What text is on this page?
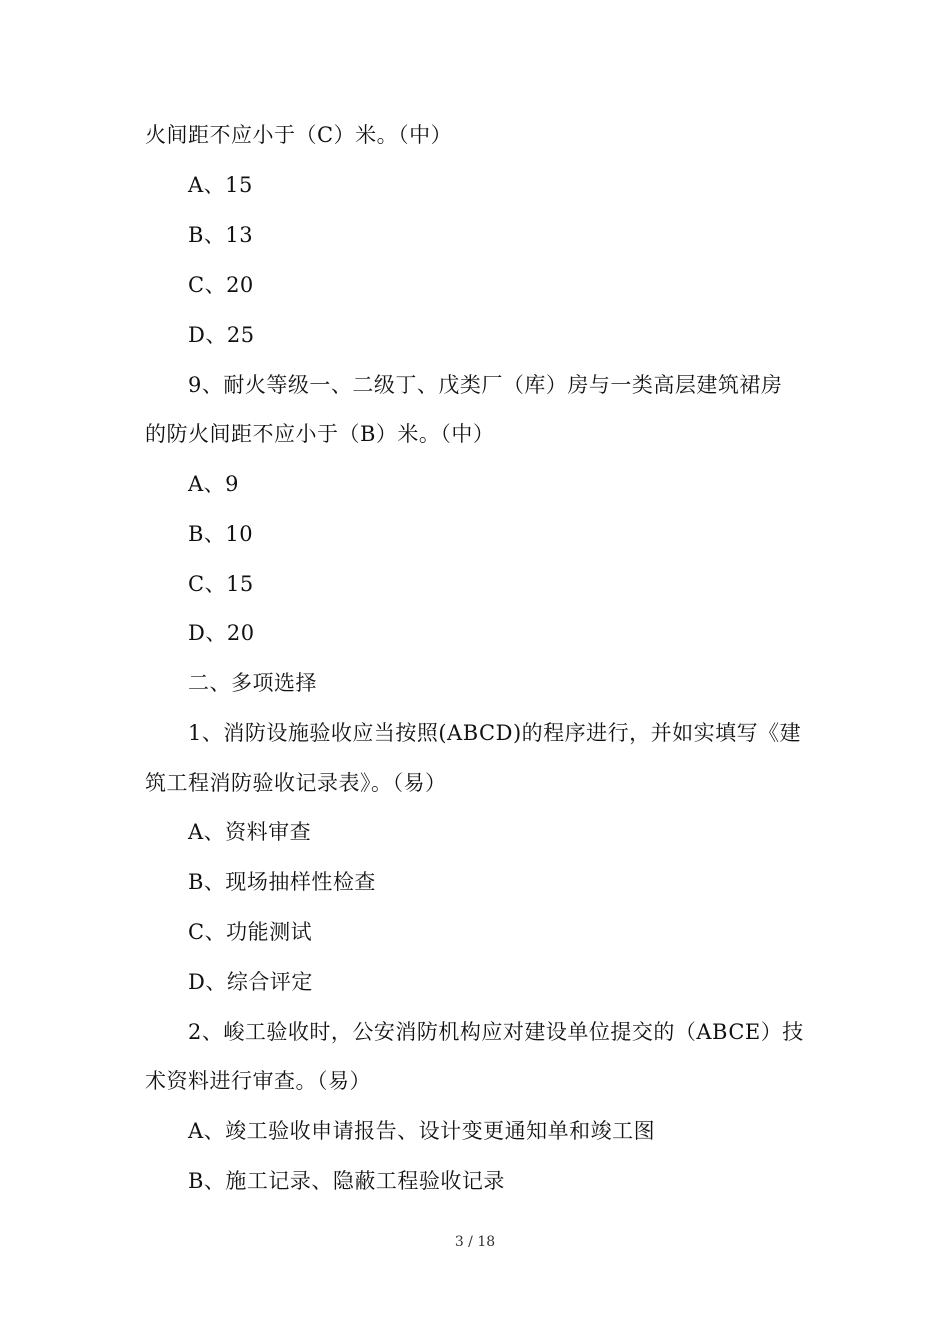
火间距不应小于（C）米。（中）
A、15
B、13
C、20
D、25
9、耐火等级一、二级丁、戊类厂（库）房与一类高层建筑裙房
的防火间距不应小于（B）米。（中）
A、9
B、10
C、15
D、20
二、多项选择
1、消防设施验收应当按照(ABCD)的程序进行，并如实填写《建
筑工程消防验收记录表》。（易）
A、资料审查
B、现场抽样性检查
C、功能测试
D、综合评定
2、峻工验收时，公安消防机构应对建设单位提交的（ABCE）技
术资料进行审查。（易）
A、竣工验收申请报告、设计变更通知单和竣工图
B、施工记录、隐蔽工程验收记录
3 / 18
